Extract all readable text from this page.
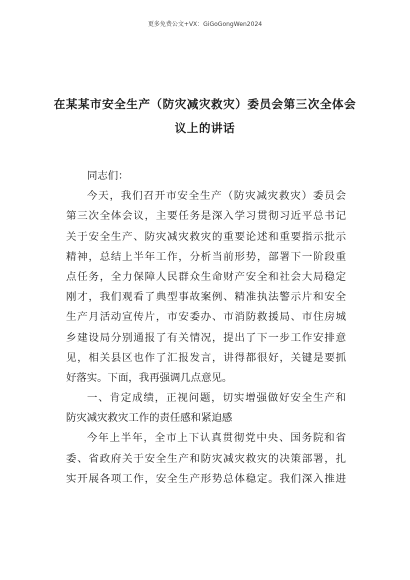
更多免费公文+VX：GiGoGongWen2024
在某某市安全生产（防灾减灾救灾）委员会第三次全体会
议上的讲话
同志们：
今天，我们召开市安全生产（防灾减灾救灾）委员会
第三次全体会议，主要任务是深入学习贯彻习近平总书记
关于安全生产、防灾减灾救灾的重要论述和重要指示批示
精神，总结上半年工作，分析当前形势，部署下一阶段重
点任务，全力保障人民群众生命财产安全和社会大局稳定
刚才，我们观看了典型事故案例、精准执法警示片和安全
生产月活动宣传片，市安委办、市消防救援局、市住房城
乡建设局分别通报了有关情况，提出了下一步工作安排意
见，相关县区也作了汇报发言，讲得都很好，关键是要抓
好落实。下面，我再强调几点意见。
一、肯定成绩，正视问题，切实增强做好安全生产和
防灾减灾救灾工作的责任感和紧迫感
今年上半年，全市上下认真贯彻党中央、国务院和省
委、省政府关于安全生产和防灾减灾救灾的决策部署，扎
实开展各项工作，安全生产形势总体稳定。我们深入推进
